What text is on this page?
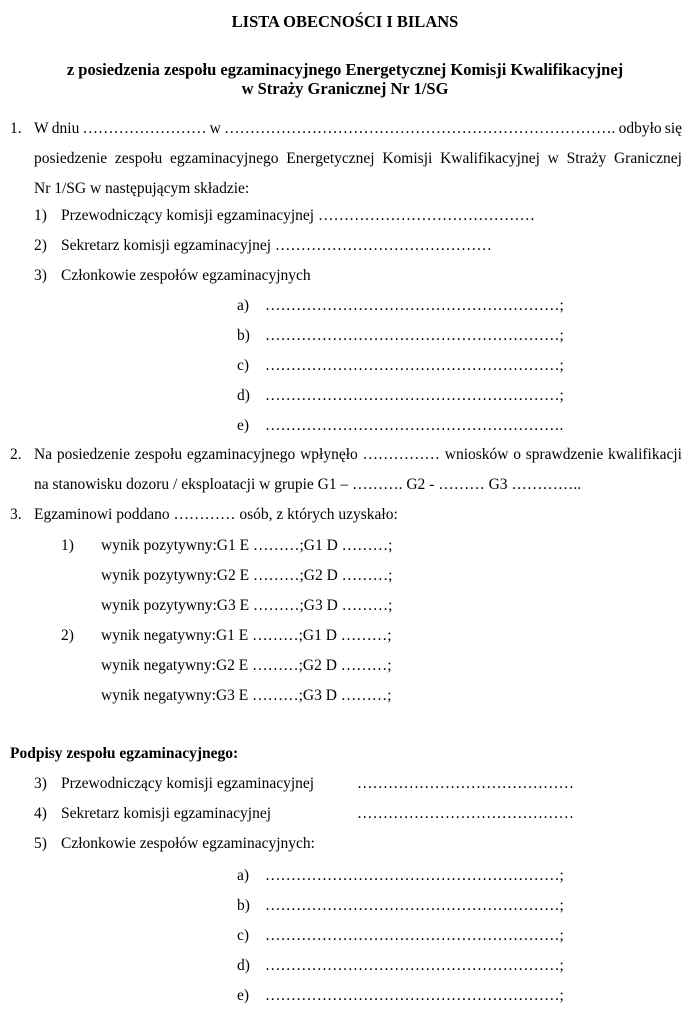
LISTA OBECNOŚCI I BILANS
z posiedzenia zespołu egzaminacyjnego Energetycznej Komisji Kwalifikacyjnej
w Straży Granicznej Nr 1/SG
1. W dniu …………………… w …………………………………………………………………. odbyło się
posiedzenie zespołu egzaminacyjnego Energetycznej Komisji Kwalifikacyjnej w Straży Granicznej
Nr 1/SG w następującym składzie:
1) Przewodniczący komisji egzaminacyjnej ……………………………………
2) Sekretarz komisji egzaminacyjnej ……………………………………
3) Członkowie zespołów egzaminacyjnych
a) …………………………………………………;
b) …………………………………………………;
c) …………………………………………………;
d) …………………………………………………;
e) ………………………………………………….
2. Na posiedzenie zespołu egzaminacyjnego wpłynęło …………… wniosków o sprawdzenie kwalifikacji
na stanowisku dozoru / eksploatacji w grupie G1 – ………. G2 - ……… G3 …………..
3. Egzaminowi poddano ………… osób, z których uzyskało:
1) wynik pozytywny:G1 E ………;G1 D ………;
wynik pozytywny:G2 E ………;G2 D ………;
wynik pozytywny:G3 E ………;G3 D ………;
2) wynik negatywny:G1 E ………;G1 D ………;
wynik negatywny:G2 E ………;G2 D ………;
wynik negatywny:G3 E ………;G3 D ………;
Podpisy zespołu egzaminacyjnego:
3) Przewodniczący komisji egzaminacyjnej	……………………………………
4) Sekretarz komisji egzaminacyjnej	……………………………………
5) Członkowie zespołów egzaminacyjnych:
a) …………………………………………………;
b) …………………………………………………;
c) …………………………………………………;
d) …………………………………………………;
e) …………………………………………………;
